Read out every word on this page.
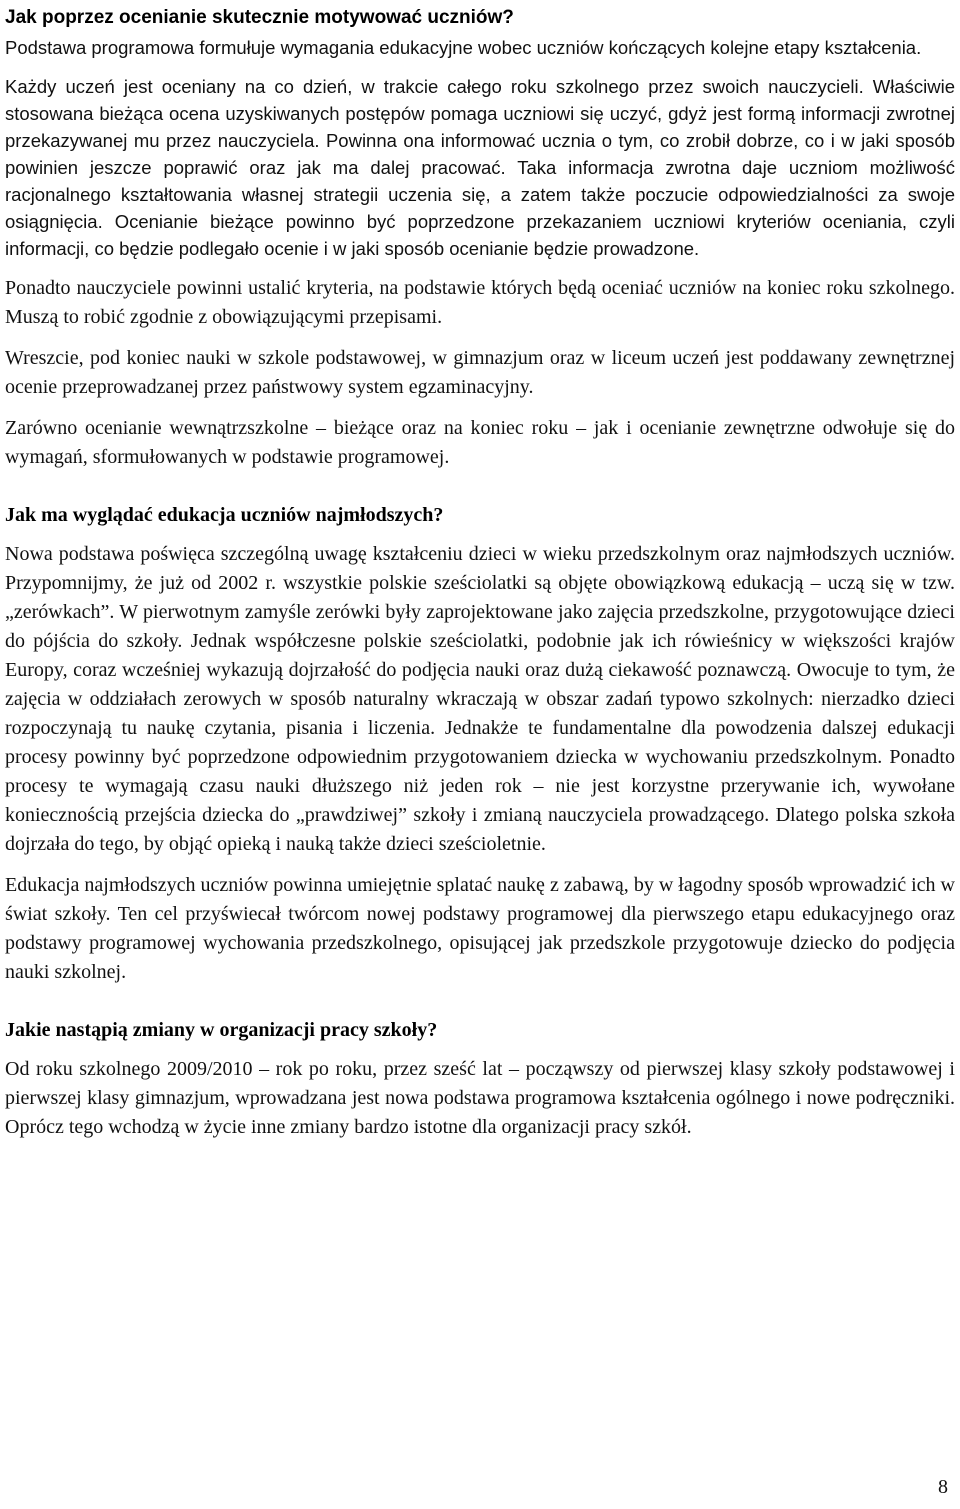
Jak poprzez ocenianie skutecznie motywować uczniów?

Podstawa programowa formułuje wymagania edukacyjne wobec uczniów kończących kolejne etapy kształcenia.

Każdy uczeń jest oceniany na co dzień, w trakcie całego roku szkolnego przez swoich nauczycieli. Właściwie stosowana bieżąca ocena uzyskiwanych postępów pomaga uczniowi się uczyć, gdyż jest formą informacji zwrotnej przekazywanej mu przez nauczyciela. Powinna ona informować ucznia o tym, co zrobił dobrze, co i w jaki sposób powinien jeszcze poprawić oraz jak ma dalej pracować. Taka informacja zwrotna daje uczniom możliwość racjonalnego kształtowania własnej strategii uczenia się, a zatem także poczucie odpowiedzialności za swoje osiągnięcia. Ocenianie bieżące powinno być poprzedzone przekazaniem uczniowi kryteriów oceniania, czyli informacji, co będzie podlegało ocenie i w jaki sposób ocenianie będzie prowadzone.

Ponadto nauczyciele powinni ustalić kryteria, na podstawie których będą oceniać uczniów na koniec roku szkolnego. Muszą to robić zgodnie z obowiązującymi przepisami.

Wreszcie, pod koniec nauki w szkole podstawowej, w gimnazjum oraz w liceum uczeń jest poddawany zewnętrznej ocenie przeprowadzanej przez państwowy system egzaminacyjny.

Zarówno ocenianie wewnątrzszkolne – bieżące oraz na koniec roku – jak i ocenianie zewnętrzne odwołuje się do wymagań, sformułowanych w podstawie programowej.

Jak ma wyglądać edukacja uczniów najmłodszych?

Nowa podstawa poświęca szczególną uwagę kształceniu dzieci w wieku przedszkolnym oraz najmłodszych uczniów. Przypomnijmy, że już od 2002 r. wszystkie polskie sześciolatki są objęte obowiązkową edukacją – uczą się w tzw. „zerówkach”. W pierwotnym zamyśle zerówki były zaprojektowane jako zajęcia przedszkolne, przygotowujące dzieci do pójścia do szkoły. Jednak współczesne polskie sześciolatki, podobnie jak ich rówieśnicy w większości krajów Europy, coraz wcześniej wykazują dojrzałość do podjęcia nauki oraz dużą ciekawość poznawczą. Owocuje to tym, że zajęcia w oddziałach zerowych w sposób naturalny wkraczają w obszar zadań typowo szkolnych: nierzadko dzieci rozpoczynają tu naukę czytania, pisania i liczenia. Jednakże te fundamentalne dla powodzenia dalszej edukacji procesy powinny być poprzedzone odpowiednim przygotowaniem dziecka w wychowaniu przedszkolnym. Ponadto procesy te wymagają czasu nauki dłuższego niż jeden rok – nie jest korzystne przerywanie ich, wywołane koniecznością przejścia dziecka do „prawdziwej” szkoły i zmianą nauczyciela prowadzącego. Dlatego polska szkoła dojrzała do tego, by objąć opieką i nauką także dzieci sześcioletnie.

Edukacja najmłodszych uczniów powinna umiejętnie splatać naukę z zabawą, by w łagodny sposób wprowadzić ich w świat szkoły. Ten cel przyświecał twórcom nowej podstawy programowej dla pierwszego etapu edukacyjnego oraz podstawy programowej wychowania przedszkolnego, opisującej jak przedszkole przygotowuje dziecko do podjęcia nauki szkolnej.

Jakie nastąpią zmiany w organizacji pracy szkoły?

Od roku szkolnego 2009/2010 – rok po roku, przez sześć lat – począwszy od pierwszej klasy szkoły podstawowej i pierwszej klasy gimnazjum, wprowadzana jest nowa podstawa programowa kształcenia ogólnego i nowe podręczniki. Oprócz tego wchodzą w życie inne zmiany bardzo istotne dla organizacji pracy szkół.

8
